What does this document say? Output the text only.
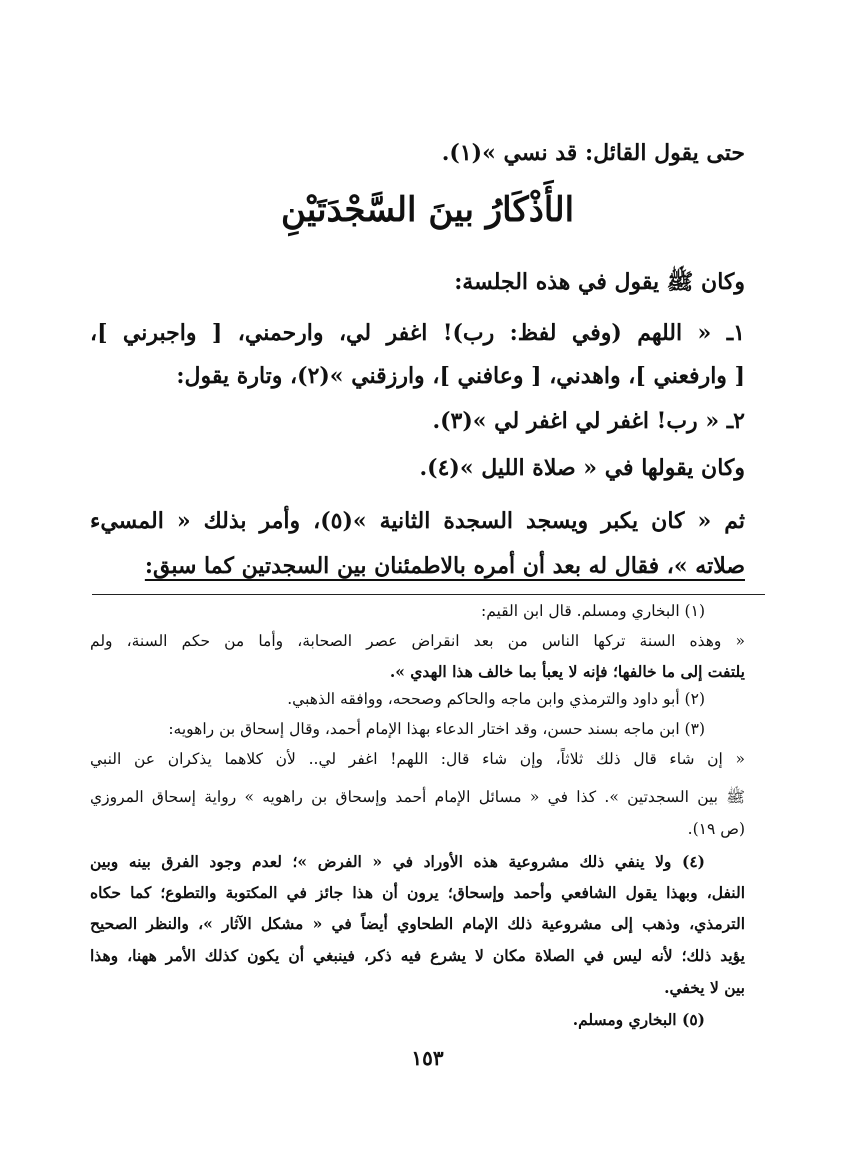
حتى يقول القائل: قد نسي »(١).
الأَذْكَارُ بينَ السَّجْدَتَيْنِ
وكان ﷺ يقول في هذه الجلسة:
١ـ « اللهم (وفي لفظ: رب)! اغفر لي، وارحمني، [ واجبرني ]،
[ وارفعني ]، واهدني، [ وعافني ]، وارزقني »(٢)، وتارة يقول:
٢ـ « رب! اغفر لي اغفر لي »(٣).
وكان يقولها في « صلاة الليل »(٤).
ثم « كان يكبر ويسجد السجدة الثانية »(٥)، وأمر بذلك « المسيء
صلاته »، فقال له بعد أن أمره بالاطمئنان بين السجدتين كما سبق:
(١) البخاري ومسلم. قال ابن القيم:
« وهذه السنة تركها الناس من بعد انقراض عصر الصحابة، وأما من حكم السنة، ولم
يلتفت إلى ما خالفها؛ فإنه لا يعبأ بما خالف هذا الهدي ».
(٢) أبو داود والترمذي وابن ماجه والحاكم وصححه، ووافقه الذهبي.
(٣) ابن ماجه بسند حسن، وقد اختار الدعاء بهذا الإمام أحمد، وقال إسحاق بن راهويه:
« إن شاء قال ذلك ثلاثاً، وإن شاء قال: اللهم! اغفر لي.. لأن كلاهما يذكران عن النبي
ﷺ بين السجدتين ». كذا في « مسائل الإمام أحمد وإسحاق بن راهويه » رواية إسحاق المروزي
(ص ١٩).
(٤) ولا ينفي ذلك مشروعية هذه الأوراد في « الفرض »؛ لعدم وجود الفرق بينه وبين
النفل، وبهذا يقول الشافعي وأحمد وإسحاق؛ يرون أن هذا جائز في المكتوبة والتطوع؛ كما حكاه
الترمذي، وذهب إلى مشروعية ذلك الإمام الطحاوي أيضاً في « مشكل الآثار »، والنظر الصحيح
يؤيد ذلك؛ لأنه ليس في الصلاة مكان لا يشرع فيه ذكر، فينبغي أن يكون كذلك الأمر ههنا، وهذا
بين لا يخفي.
(٥) البخاري ومسلم.
١٥٣
